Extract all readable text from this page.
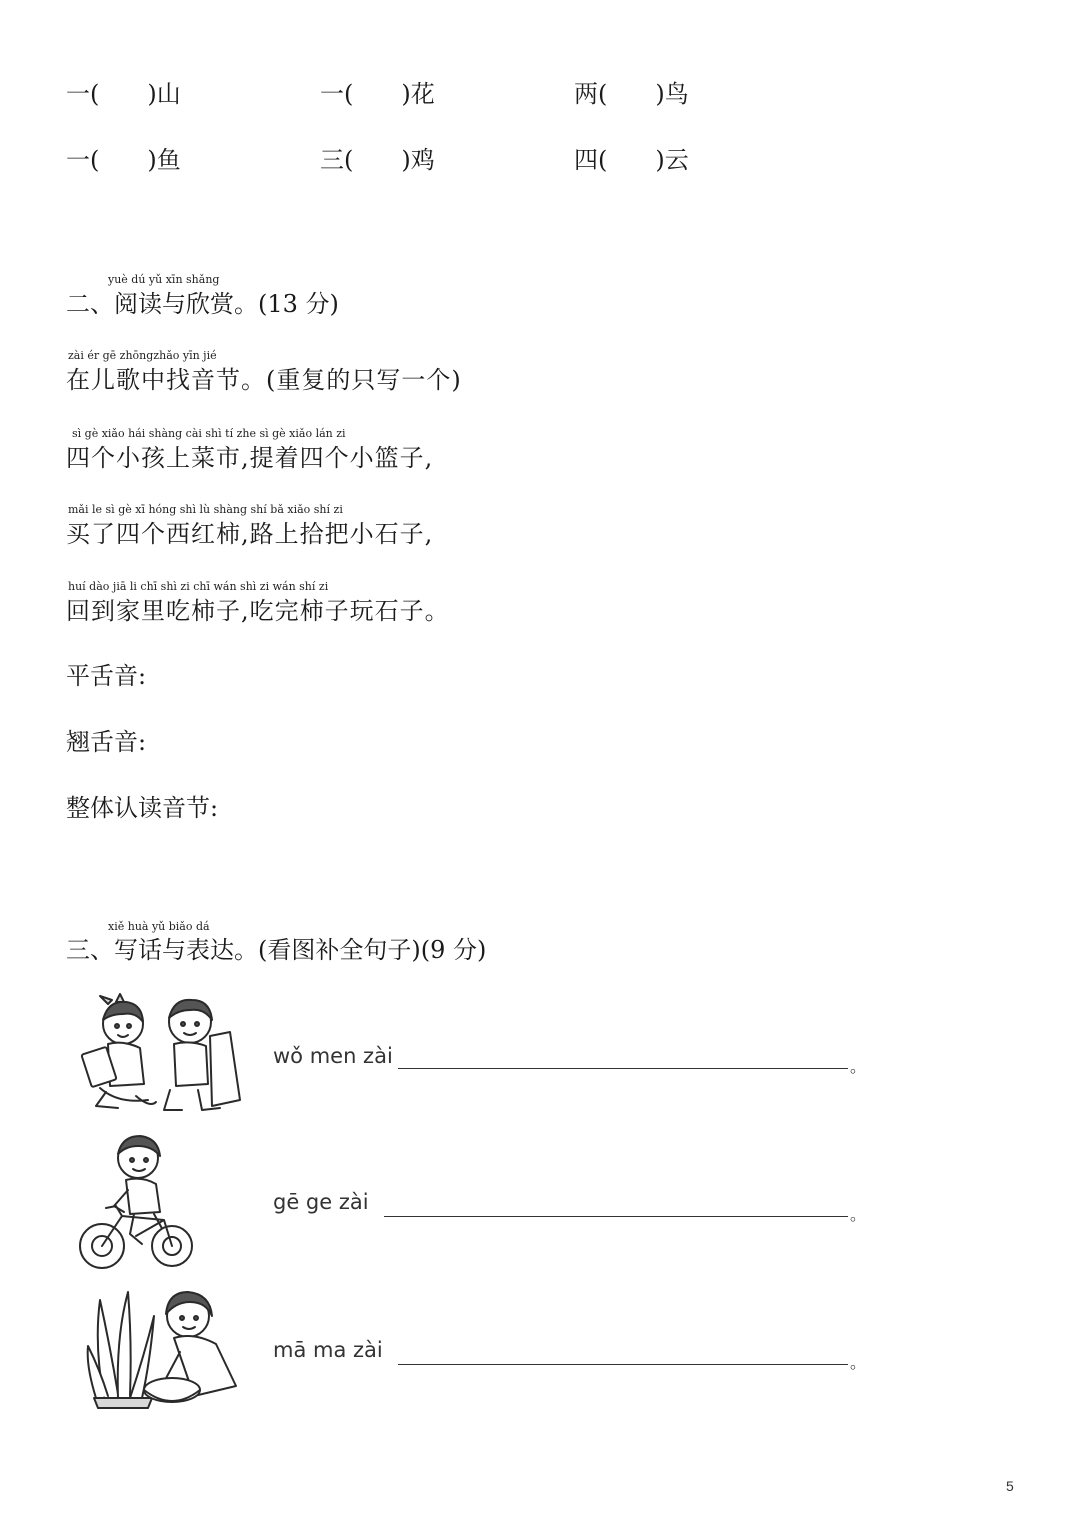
一(　　)山	一(　　)花	两(　　)鸟
一(　　)鱼	三(　　)鸡	四(　　)云
yuè dú yǔ xīn shǎng
二、阅读与欣赏。(13 分)
zài ér gē zhōngzhǎo yīn jié
在儿歌中找音节。(重复的只写一个)
sì gè xiǎo hái shàng cài shì tí zhe sì gè xiǎo lán zi
四个小孩上菜市,提着四个小篮子,
mǎi le sì gè xī hóng shì lù shàng shí bǎ xiǎo shí zi
买了四个西红柿,路上拾把小石子,
huí dào jiā li chī shì zi chī wán shì zi wán shí zi
回到家里吃柿子,吃完柿子玩石子。
平舌音:
翘舌音:
整体认读音节:
xiě huà yǔ biǎo dá
三、写话与表达。(看图补全句子)(9 分)
wǒ men zài	。
gē ge zài
。
mā ma zài
。
5
